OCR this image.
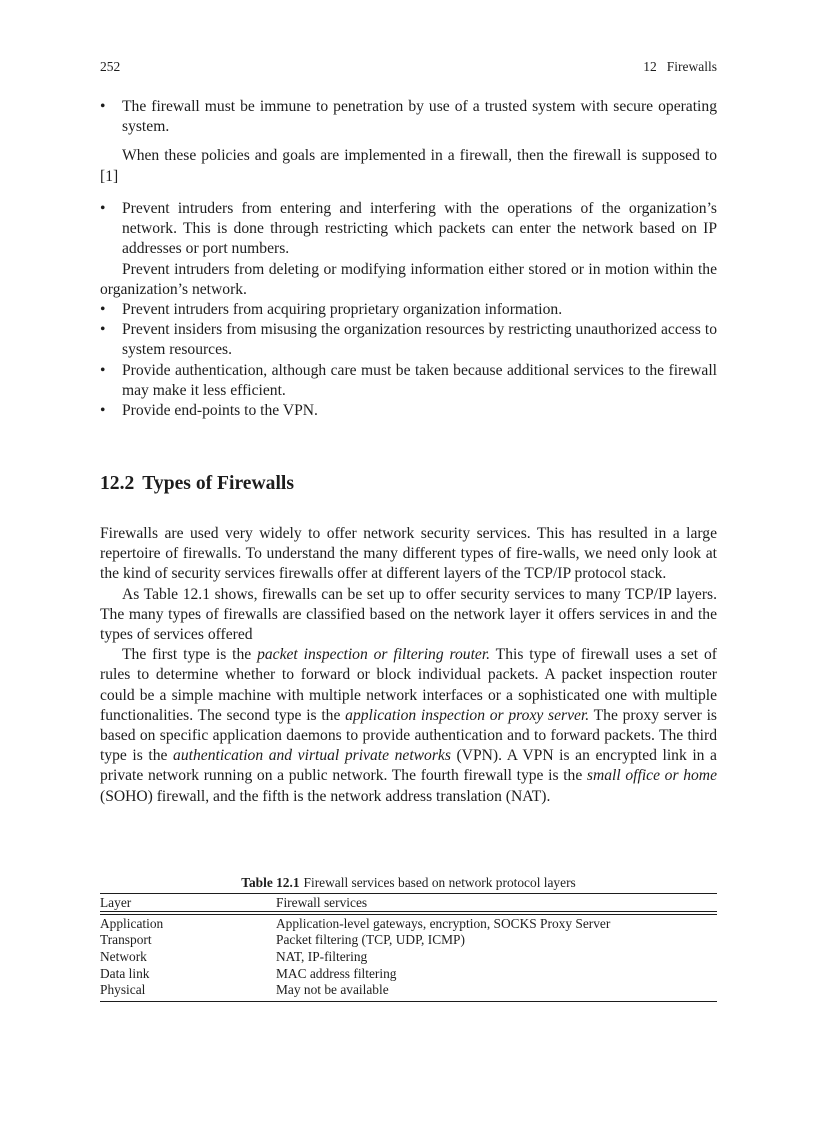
252	12 Firewalls
• The firewall must be immune to penetration by use of a trusted system with secure operating system.
When these policies and goals are implemented in a firewall, then the firewall is supposed to [1]
• Prevent intruders from entering and interfering with the operations of the organization’s network. This is done through restricting which packets can enter the network based on IP addresses or port numbers.
Prevent intruders from deleting or modifying information either stored or in motion within the organization’s network.
• Prevent intruders from acquiring proprietary organization information.
• Prevent insiders from misusing the organization resources by restricting unauthorized access to system resources.
• Provide authentication, although care must be taken because additional services to the firewall may make it less efficient.
• Provide end-points to the VPN.
12.2 Types of Firewalls
Firewalls are used very widely to offer network security services. This has resulted in a large repertoire of firewalls. To understand the many different types of fire-walls, we need only look at the kind of security services firewalls offer at different layers of the TCP/IP protocol stack.
As Table 12.1 shows, firewalls can be set up to offer security services to many TCP/IP layers. The many types of firewalls are classified based on the network layer it offers services in and the types of services offered
The first type is the packet inspection or filtering router. This type of firewall uses a set of rules to determine whether to forward or block individual packets. A packet inspection router could be a simple machine with multiple network interfaces or a sophisticated one with multiple functionalities. The second type is the application inspection or proxy server. The proxy server is based on specific application daemons to provide authentication and to forward packets. The third type is the authentication and virtual private networks (VPN). A VPN is an encrypted link in a private network running on a public network. The fourth firewall type is the small office or home (SOHO) firewall, and the fifth is the network address translation (NAT).
Table 12.1 Firewall services based on network protocol layers
Layer	Firewall services
Application	Application-level gateways, encryption, SOCKS Proxy Server
Transport	Packet filtering (TCP, UDP, ICMP)
Network	NAT, IP-filtering
Data link	MAC address filtering
Physical	May not be available
